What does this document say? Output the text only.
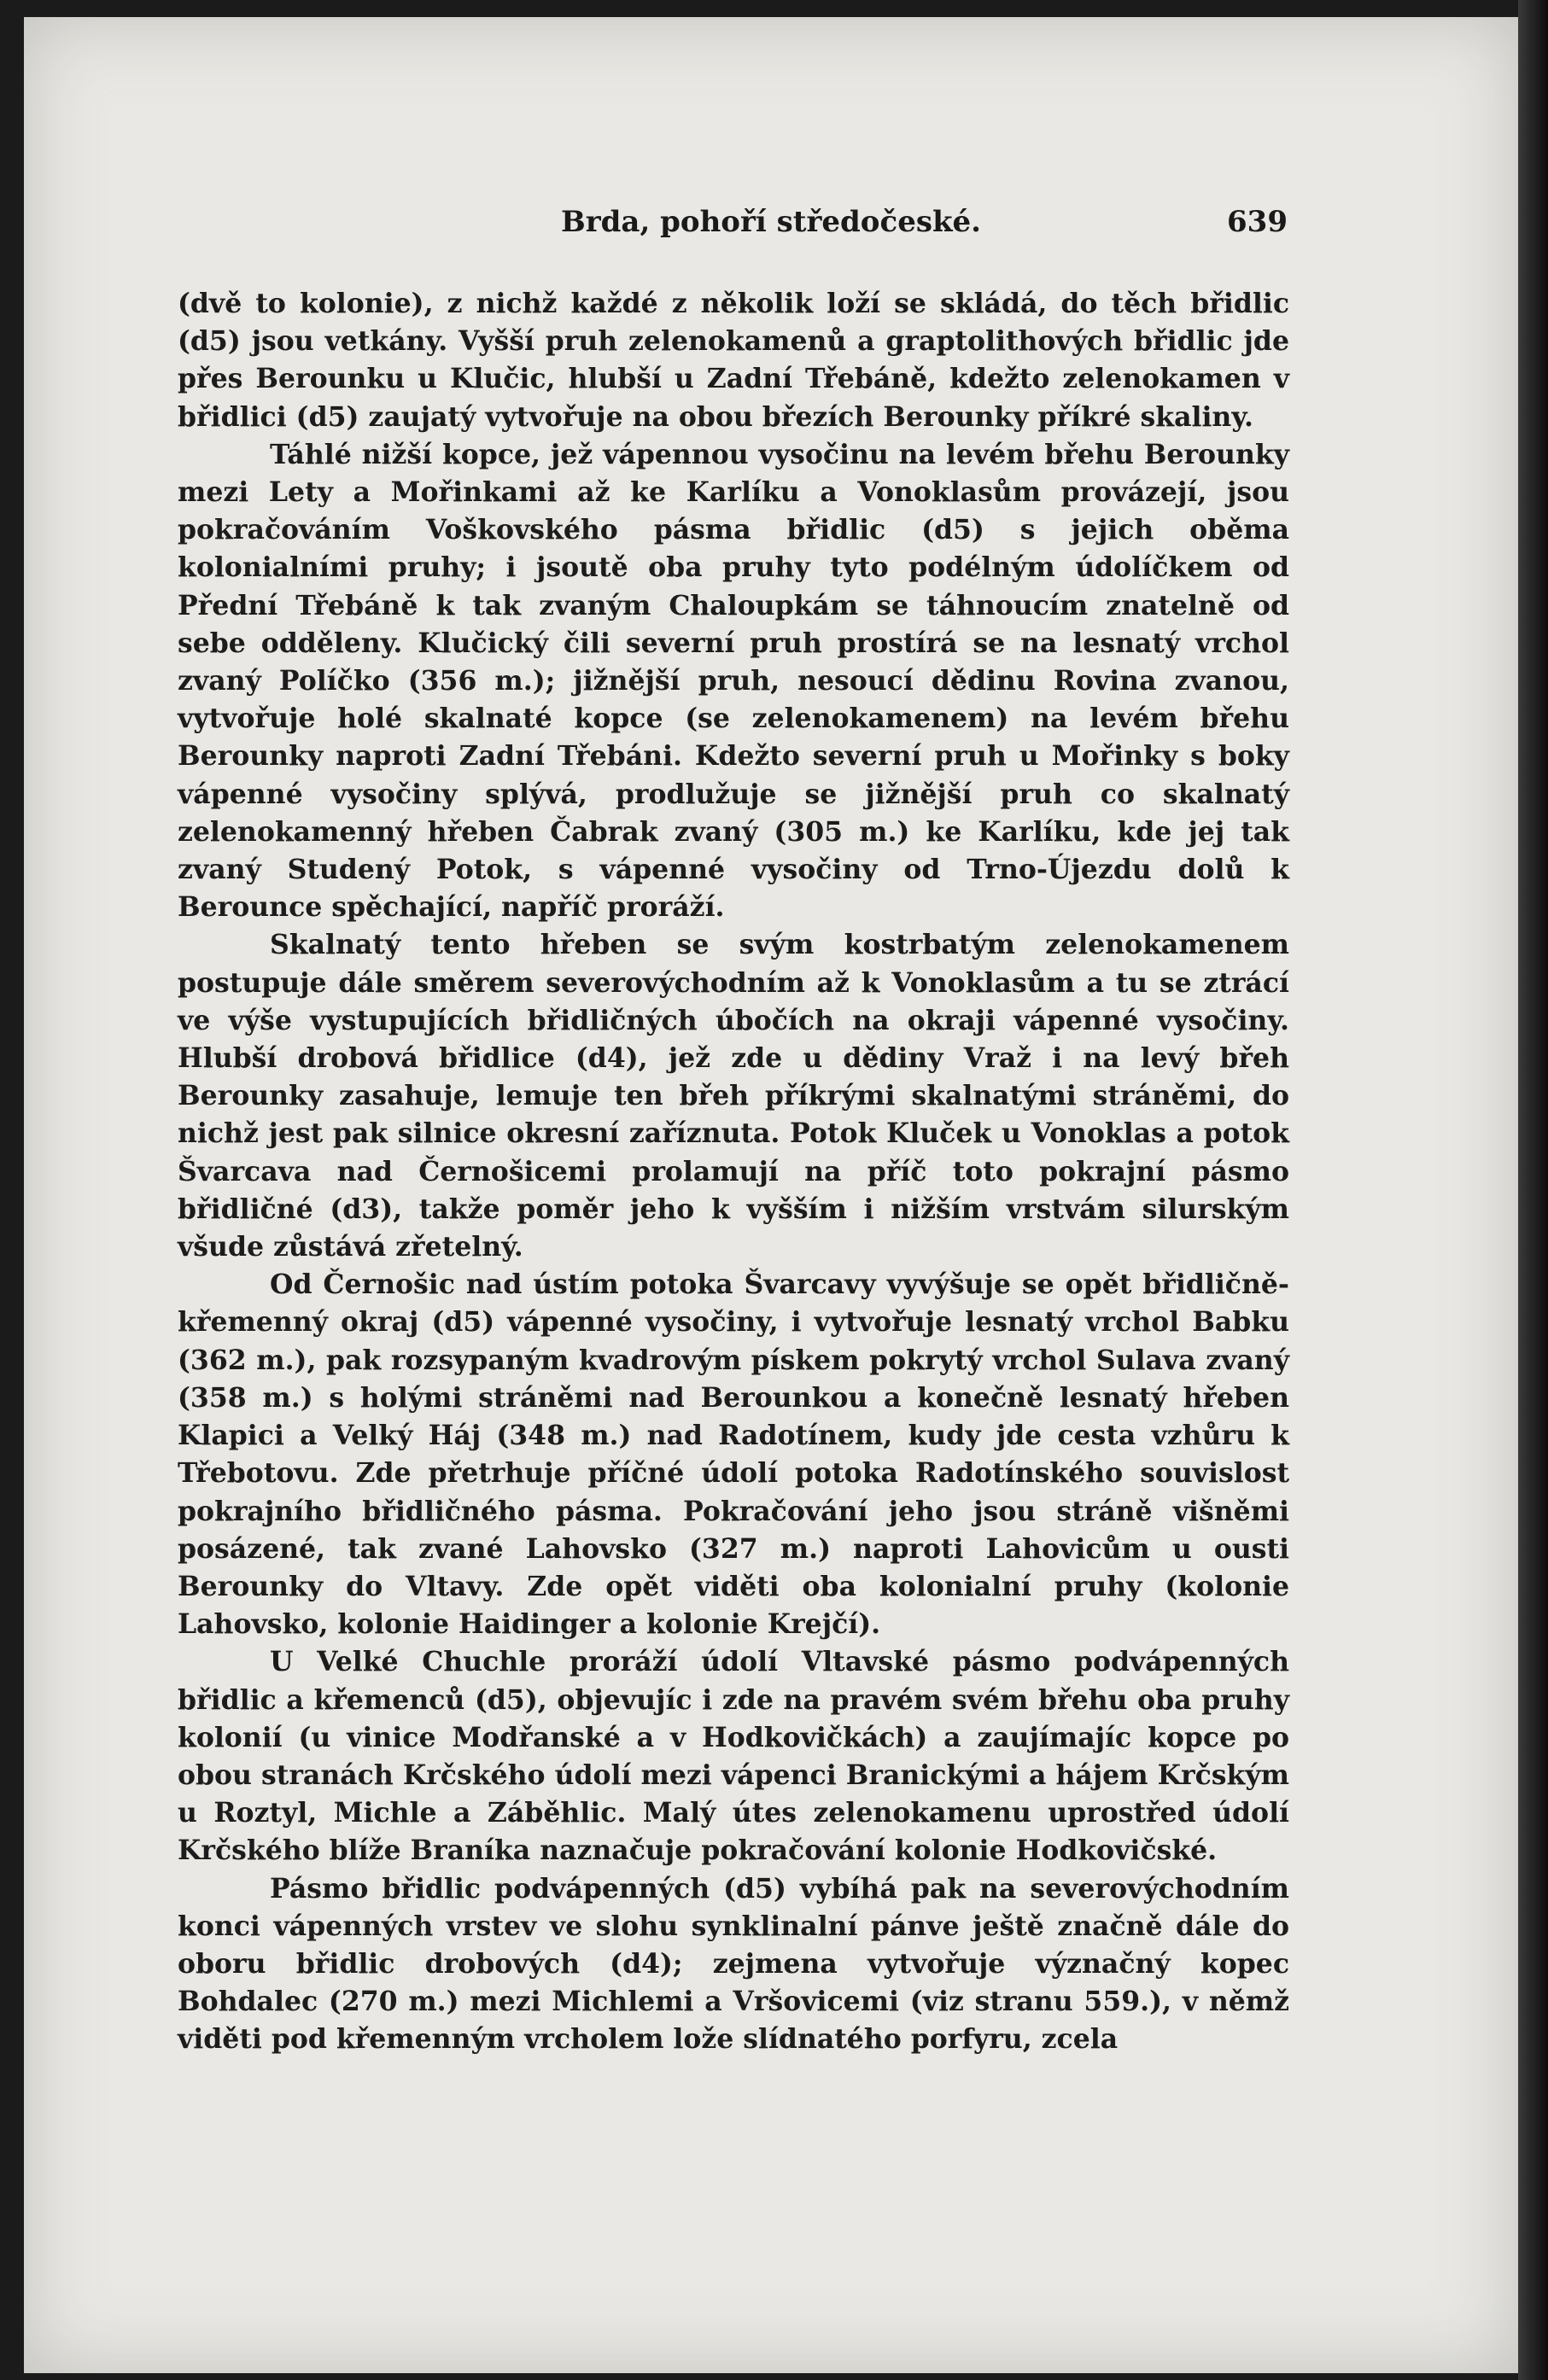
Brda, pohoří středočeské.	639

(dvě to kolonie), z nichž každé z několik loží se skládá, do těch břidlic (d5) jsou vetkány. Vyšší pruh zelenokamenů a graptolithových břidlic jde přes Berounku u Klučic, hlubší u Zadní Třebáně, kdežto zelenokamen v břidlici (d5) zaujatý vytvořuje na obou březích Berounky příkré skaliny.

Táhlé nižší kopce, jež vápennou vysočinu na levém břehu Berounky mezi Lety a Mořinkami až ke Karlíku a Vonoklasům provázejí, jsou pokračováním Voškovského pásma břidlic (d5) s jejich oběma kolonialními pruhy; i jsoutě oba pruhy tyto podélným údolíčkem od Přední Třebáně k tak zvaným Chaloupkám se táhnoucím znatelně od sebe odděleny. Klučický čili severní pruh prostírá se na lesnatý vrchol zvaný Políčko (356 m.); jižnější pruh, nesoucí dědinu Rovina zvanou, vytvořuje holé skalnaté kopce (se zelenokamenem) na levém břehu Berounky naproti Zadní Třebáni. Kdežto severní pruh u Mořinky s boky vápenné vysočiny splývá, prodlužuje se jižnější pruh co skalnatý zelenokamenný hřeben Čabrak zvaný (305 m.) ke Karlíku, kde jej tak zvaný Studený Potok, s vápenné vysočiny od Trno-Újezdu dolů k Berounce spěchající, napříč proráží.

Skalnatý tento hřeben se svým kostrbatým zelenokamenem postupuje dále směrem severovýchodním až k Vonoklasům a tu se ztrácí ve výše vystupujících břidličných úbočích na okraji vápenné vysočiny. Hlubší drobová břidlice (d4), jež zde u dědiny Vraž i na levý břeh Berounky zasahuje, lemuje ten břeh příkrými skalnatými stráněmi, do nichž jest pak silnice okresní zaříznuta. Potok Kluček u Vonoklas a potok Švarcava nad Černošicemi prolamují na příč toto pokrajní pásmo břidličné (d3), takže poměr jeho k vyšším i nižším vrstvám silurským všude zůstává zřetelný.

Od Černošic nad ústím potoka Švarcavy vyvýšuje se opět břidličně-křemenný okraj (d5) vápenné vysočiny, i vytvořuje lesnatý vrchol Babku (362 m.), pak rozsypaným kvadrovým pískem pokrytý vrchol Sulava zvaný (358 m.) s holými stráněmi nad Berounkou a konečně lesnatý hřeben Klapici a Velký Háj (348 m.) nad Radotínem, kudy jde cesta vzhůru k Třebotovu. Zde přetrhuje příčné údolí potoka Radotínského souvislost pokrajního břidličného pásma. Pokračování jeho jsou stráně višněmi posázené, tak zvané Lahovsko (327 m.) naproti Lahovicům u ousti Berounky do Vltavy. Zde opět viděti oba kolonialní pruhy (kolonie Lahovsko, kolonie Haidinger a kolonie Krejčí).

U Velké Chuchle proráží údolí Vltavské pásmo podvápenných břidlic a křemenců (d5), objevujíc i zde na pravém svém břehu oba pruhy kolonií (u vinice Modřanské a v Hodkovičkách) a zaujímajíc kopce po obou stranách Krčského údolí mezi vápenci Branickými a hájem Krčským u Roztyl, Michle a Záběhlic. Malý útes zelenokamenu uprostřed údolí Krčského blíže Braníka naznačuje pokračování kolonie Hodkovičské.

Pásmo břidlic podvápenných (d5) vybíhá pak na severovýchodním konci vápenných vrstev ve slohu synklinalní pánve ještě značně dále do oboru břidlic drobových (d4); zejmena vytvořuje význačný kopec Bohdalec (270 m.) mezi Michlemi a Vršovicemi (viz stranu 559.), v němž viděti pod křemenným vrcholem lože slídnatého porfyru, zcela
